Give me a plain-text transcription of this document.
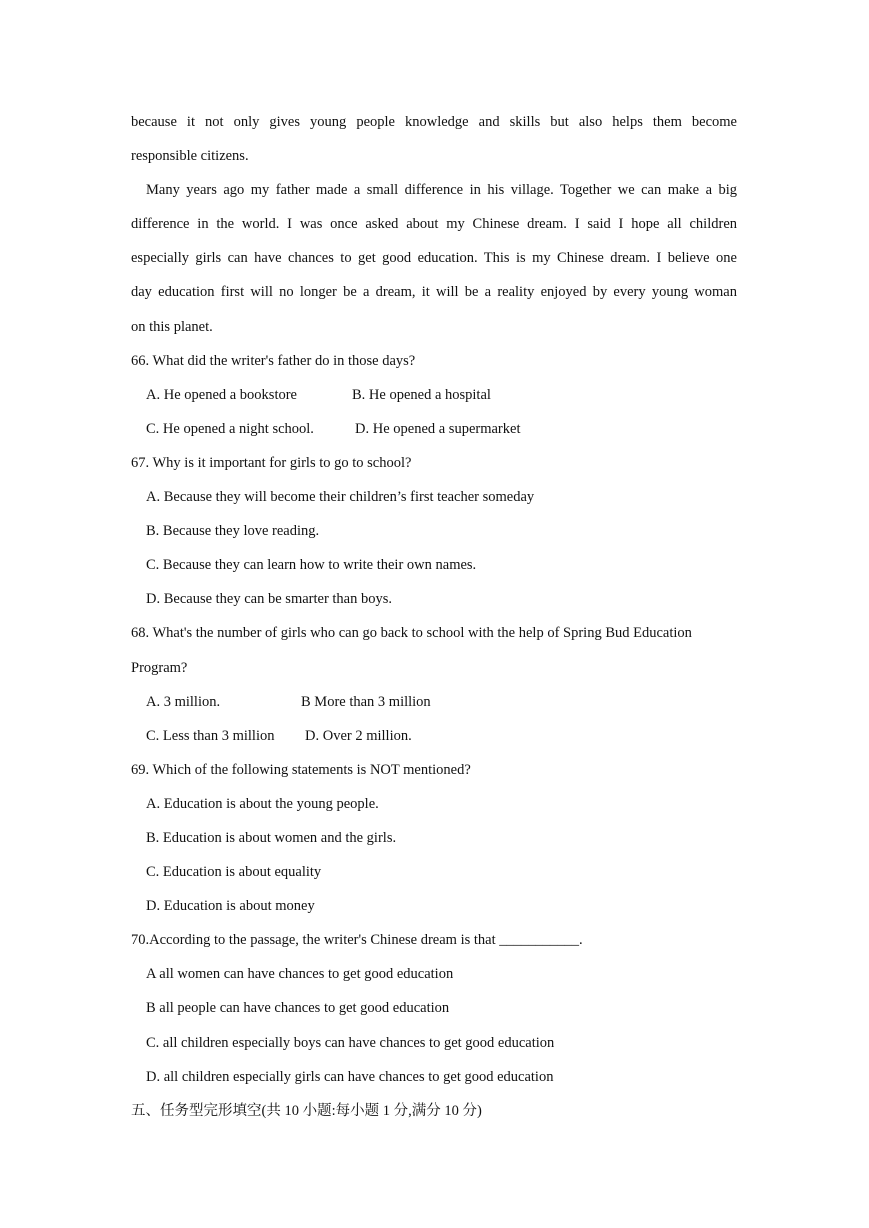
because it not only gives young people knowledge and skills but also helps them become
responsible citizens.
Many years ago my father made a small difference in his village. Together we can make a big
difference in the world. I was once asked about my Chinese dream. I said I hope all children
especially girls can have chances to get good education. This is my Chinese dream. I believe one
day education first will no longer be a dream, it will be a reality enjoyed by every young woman
on this planet.
66. What did the writer's father do in those days?
A. He opened a bookstore	B. He opened a hospital
C. He opened a night school.	D. He opened a supermarket
67. Why is it important for girls to go to school?
A. Because they will become their children’s first teacher someday
B. Because they love reading.
C. Because they can learn how to write their own names.
D. Because they can be smarter than boys.
68. What's the number of girls who can go back to school with the help of Spring Bud Education
Program?
A. 3 million.	B More than 3 million
C. Less than 3 million D. Over 2 million.
69. Which of the following statements is NOT mentioned?
A. Education is about the young people.
B. Education is about women and the girls.
C. Education is about equality
D. Education is about money
70.According to the passage, the writer's Chinese dream is that ___________.
A all women can have chances to get good education
B all people can have chances to get good education
C. all children especially boys can have chances to get good education
D. all children especially girls can have chances to get good education
五、任务型完形填空(共 10 小题:每小题 1 分,满分 10 分)
